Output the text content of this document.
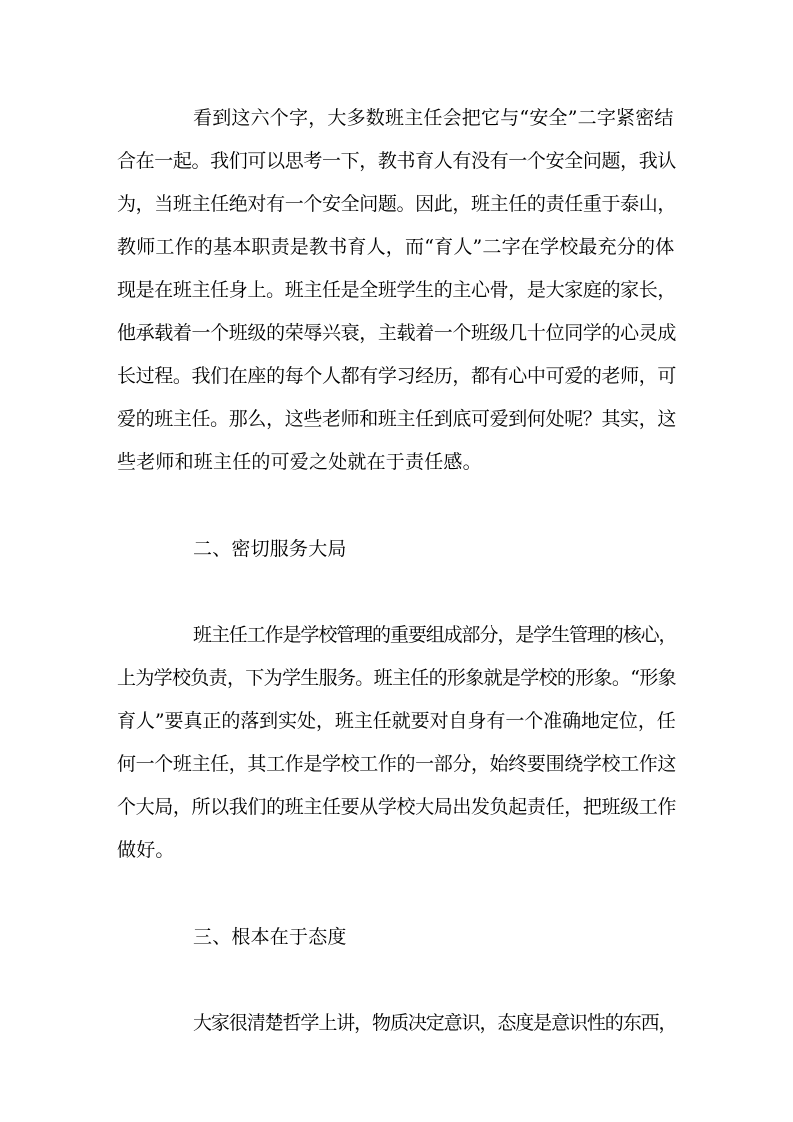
看到这六个字，大多数班主任会把它与“安全”二字紧密结
合在一起。我们可以思考一下，教书育人有没有一个安全问题，我认
为，当班主任绝对有一个安全问题。因此，班主任的责任重于泰山，
教师工作的基本职责是教书育人，而“育人”二字在学校最充分的体
现是在班主任身上。班主任是全班学生的主心骨，是大家庭的家长，
他承载着一个班级的荣辱兴衰，主载着一个班级几十位同学的心灵成
长过程。我们在座的每个人都有学习经历，都有心中可爱的老师，可
爱的班主任。那么，这些老师和班主任到底可爱到何处呢？其实，这
些老师和班主任的可爱之处就在于责任感。
二、密切服务大局
班主任工作是学校管理的重要组成部分，是学生管理的核心，
上为学校负责，下为学生服务。班主任的形象就是学校的形象。“形象
育人”要真正的落到实处，班主任就要对自身有一个准确地定位，任
何一个班主任，其工作是学校工作的一部分，始终要围绕学校工作这
个大局，所以我们的班主任要从学校大局出发负起责任，把班级工作
做好。
三、根本在于态度
大家很清楚哲学上讲，物质决定意识，态度是意识性的东西，
